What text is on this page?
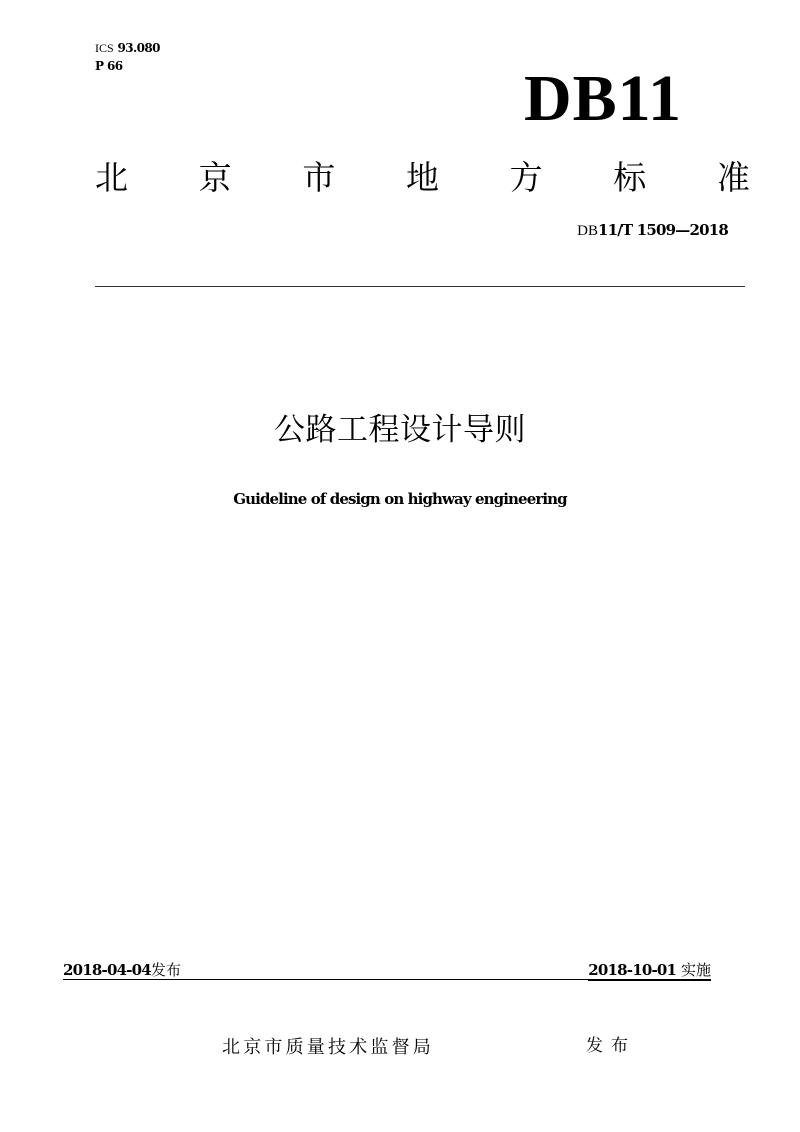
ICS 93.080
P 66	DB11
北 京 市 地 方 标 准
DB11/T 1509—2018
公路工程设计导则
Guideline of design on highway engineering
2018-04-04发布	2018-10-01 实施
北京市质量技术监督局	发布
